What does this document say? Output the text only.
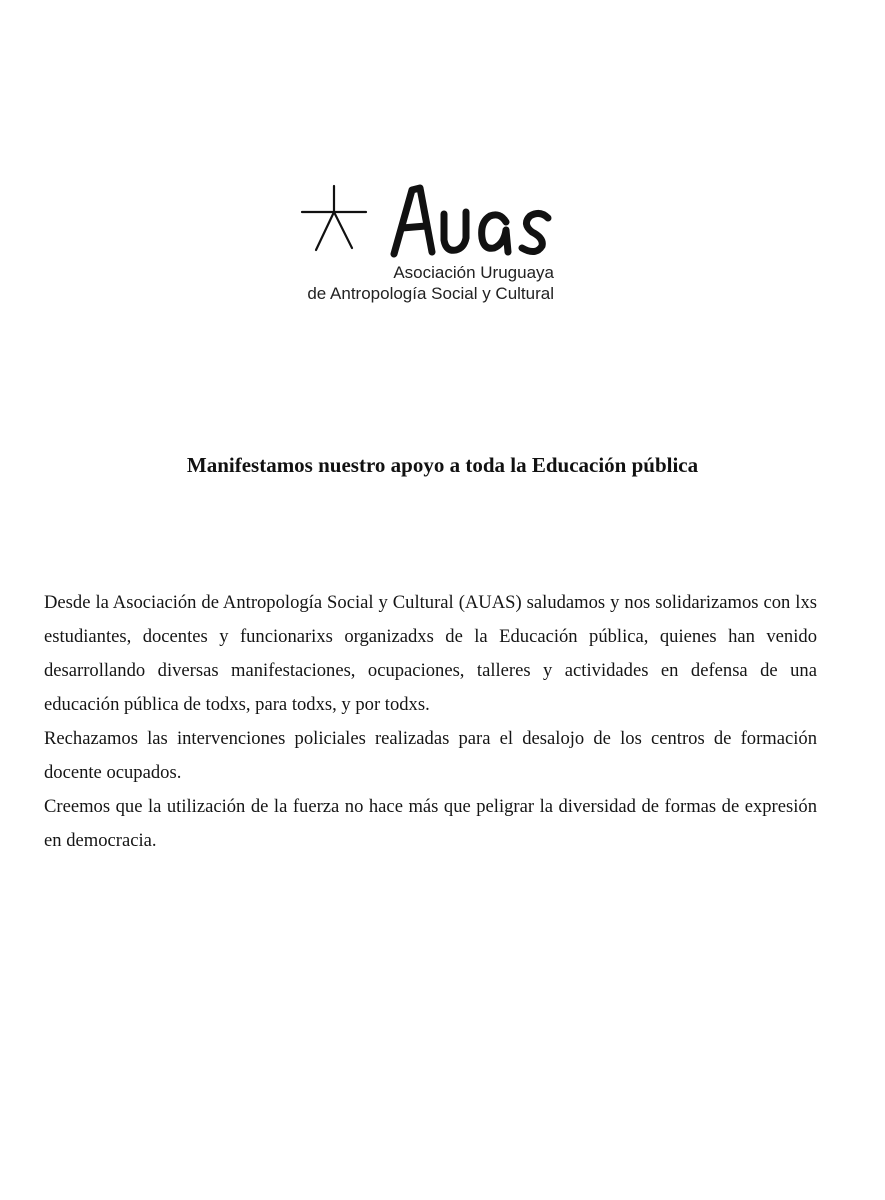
Asociación Uruguaya
de Antropología Social y Cultural
Manifestamos nuestro apoyo a toda la Educación pública

Desde la Asociación de Antropología Social y Cultural (AUAS) saludamos y nos solidarizamos con lxs estudiantes, docentes y funcionarixs organizadxs de la Educación pública, quienes han venido desarrollando diversas manifestaciones, ocupaciones, talleres y actividades en defensa de una educación pública de todxs, para todxs, y por todxs.

Rechazamos las intervenciones policiales realizadas para el desalojo de los centros de formación docente ocupados.

Creemos que la utilización de la fuerza no hace más que peligrar la diversidad de formas de expresión en democracia.
